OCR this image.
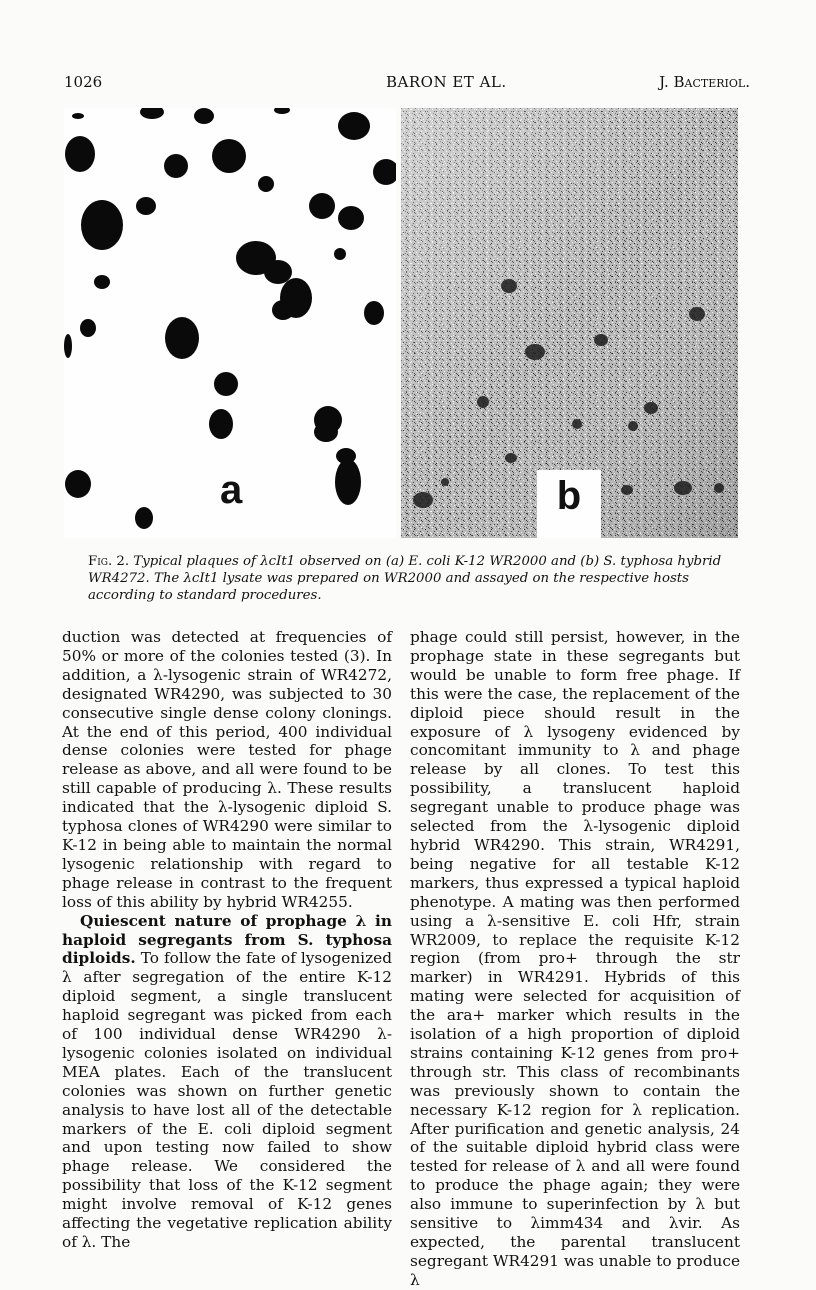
1026	BARON ET AL.	J. Bacteriol.
a	b
Fig. 2. Typical plaques of λcIt1 observed on (a) E. coli K-12 WR2000 and (b) S. typhosa hybrid WR4272. The λcIt1 lysate was prepared on WR2000 and assayed on the respective hosts according to standard procedures.

duction was detected at frequencies of 50% or more of the colonies tested (3). In addition, a λ-lysogenic strain of WR4272, designated WR4290, was subjected to 30 consecutive single dense colony clonings. At the end of this period, 400 individual dense colonies were tested for phage release as above, and all were found to be still capable of producing λ. These results indicated that the λ-lysogenic diploid S. typhosa clones of WR4290 were similar to K-12 in being able to maintain the normal lysogenic relationship with regard to phage release in contrast to the frequent loss of this ability by hybrid WR4255.

Quiescent nature of prophage λ in haploid segregants from S. typhosa diploids. To follow the fate of lysogenized λ after segregation of the entire K-12 diploid segment, a single translucent haploid segregant was picked from each of 100 individual dense WR4290 λ-lysogenic colonies isolated on individual MEA plates. Each of the translucent colonies was shown on further genetic analysis to have lost all of the detectable markers of the E. coli diploid segment and upon testing now failed to show phage release. We considered the possibility that loss of the K-12 segment might involve removal of K-12 genes affecting the vegetative replication ability of λ. The

phage could still persist, however, in the prophage state in these segregants but would be unable to form free phage. If this were the case, the replacement of the diploid piece should result in the exposure of λ lysogeny evidenced by concomitant immunity to λ and phage release by all clones. To test this possibility, a translucent haploid segregant unable to produce phage was selected from the λ-lysogenic diploid hybrid WR4290. This strain, WR4291, being negative for all testable K-12 markers, thus expressed a typical haploid phenotype. A mating was then performed using a λ-sensitive E. coli Hfr, strain WR2009, to replace the requisite K-12 region (from pro+ through the str marker) in WR4291. Hybrids of this mating were selected for acquisition of the ara+ marker which results in the isolation of a high proportion of diploid strains containing K-12 genes from pro+ through str. This class of recombinants was previously shown to contain the necessary K-12 region for λ replication. After purification and genetic analysis, 24 of the suitable diploid hybrid class were tested for release of λ and all were found to produce the phage again; they were also immune to superinfection by λ but sensitive to λimm434 and λvir. As expected, the parental translucent segregant WR4291 was unable to produce λ
